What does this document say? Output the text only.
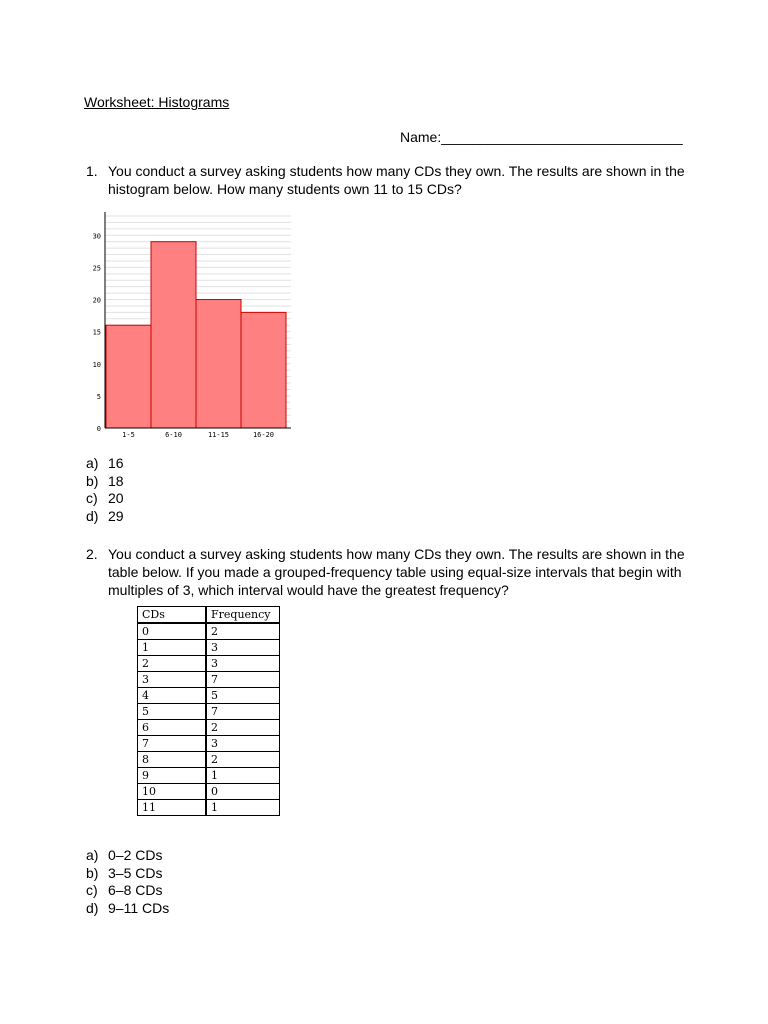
Worksheet: Histograms
Name:_______________________________
1. You conduct a survey asking students how many CDs they own. The results are shown in the histogram below. How many students own 11 to 15 CDs?
1-5	6-10	11-15	16-20
0
5
10
15
20
25
30
a) 16
b) 18
c) 20
d) 29
2. You conduct a survey asking students how many CDs they own. The results are shown in the table below. If you made a grouped-frequency table using equal-size intervals that begin with multiples of 3, which interval would have the greatest frequency?
CDs	Frequency
0	2
1	3
2	3
3	7
4	5
5	7
6	2
7	3
8	2
9	1
10	0
11	1
a) 0–2 CDs
b) 3–5 CDs
c) 6–8 CDs
d) 9–11 CDs
